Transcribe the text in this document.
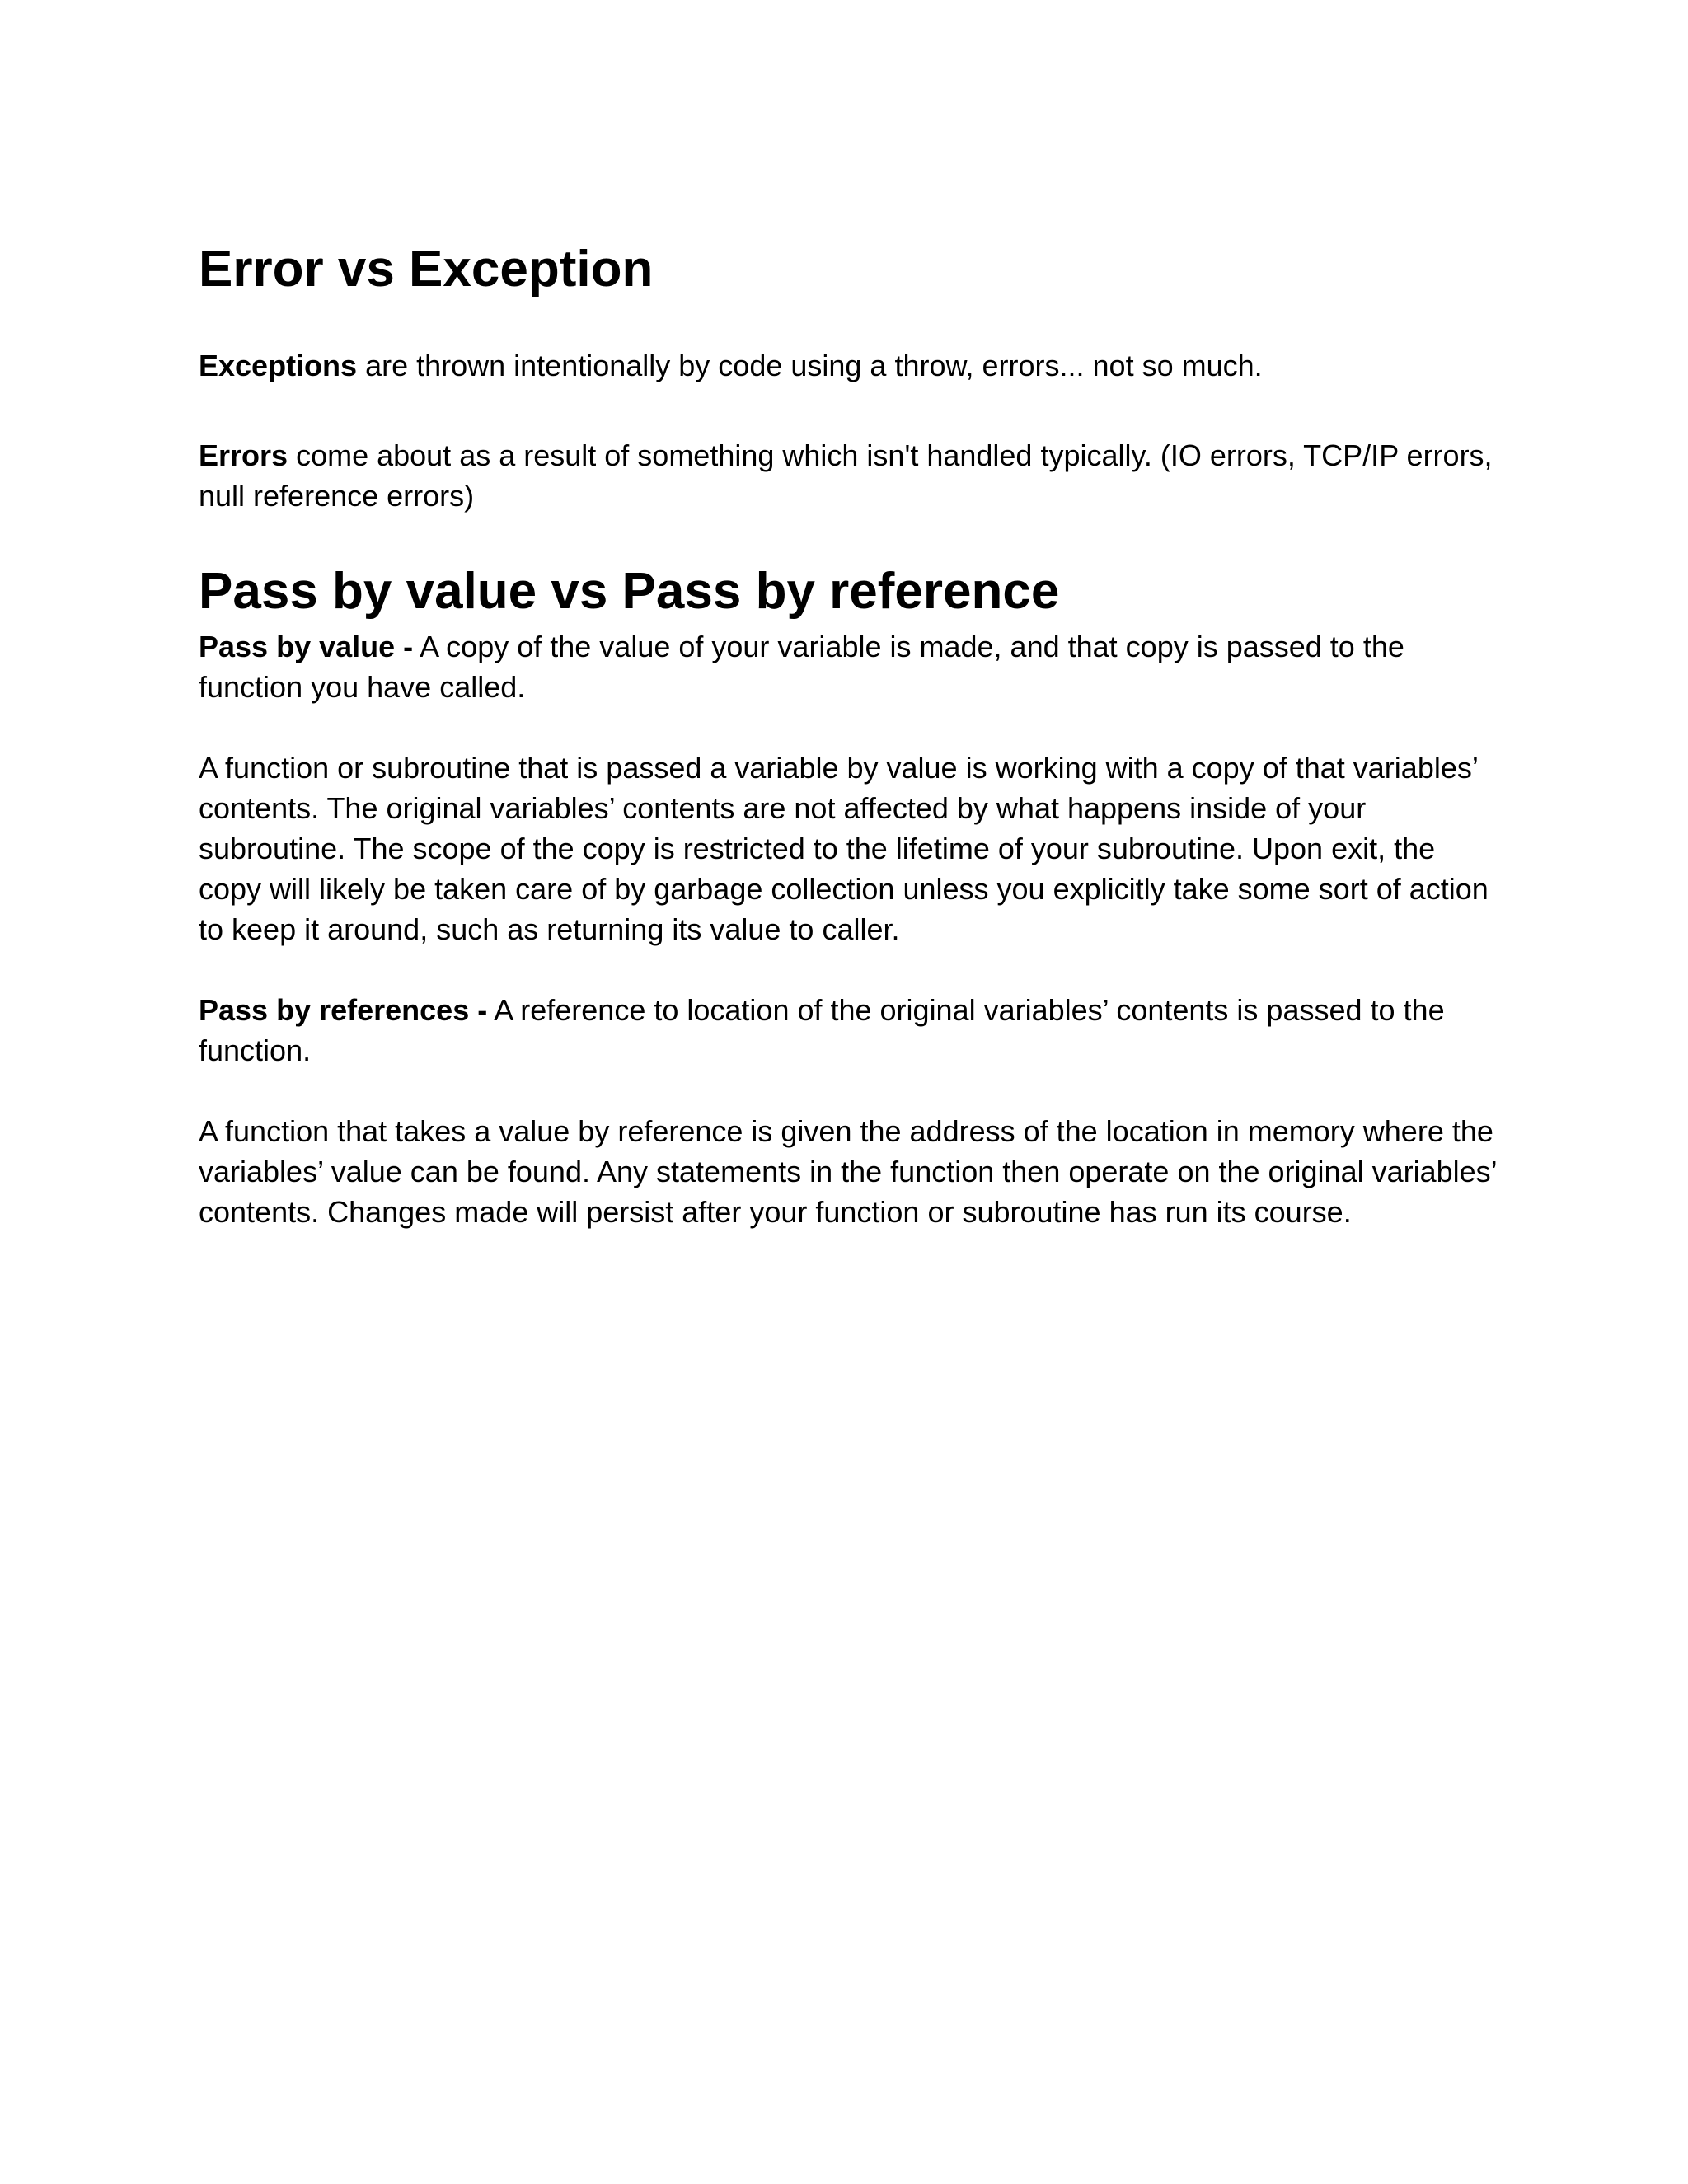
Error vs Exception

Exceptions are thrown intentionally by code using a throw, errors... not so much.

Errors come about as a result of something which isn't handled typically. (IO errors, TCP/IP errors, null reference errors)

Pass by value vs Pass by reference

Pass by value - A copy of the value of your variable is made, and that copy is passed to the function you have called.

A function or subroutine that is passed a variable by value is working with a copy of that variables’ contents. The original variables’ contents are not affected by what happens inside of your subroutine. The scope of the copy is restricted to the lifetime of your subroutine. Upon exit, the copy will likely be taken care of by garbage collection unless you explicitly take some sort of action to keep it around, such as returning its value to caller.

Pass by references - A reference to location of the original variables’ contents is passed to the function.

A function that takes a value by reference is given the address of the location in memory where the variables’ value can be found. Any statements in the function then operate on the original variables’ contents. Changes made will persist after your function or subroutine has run its course.
